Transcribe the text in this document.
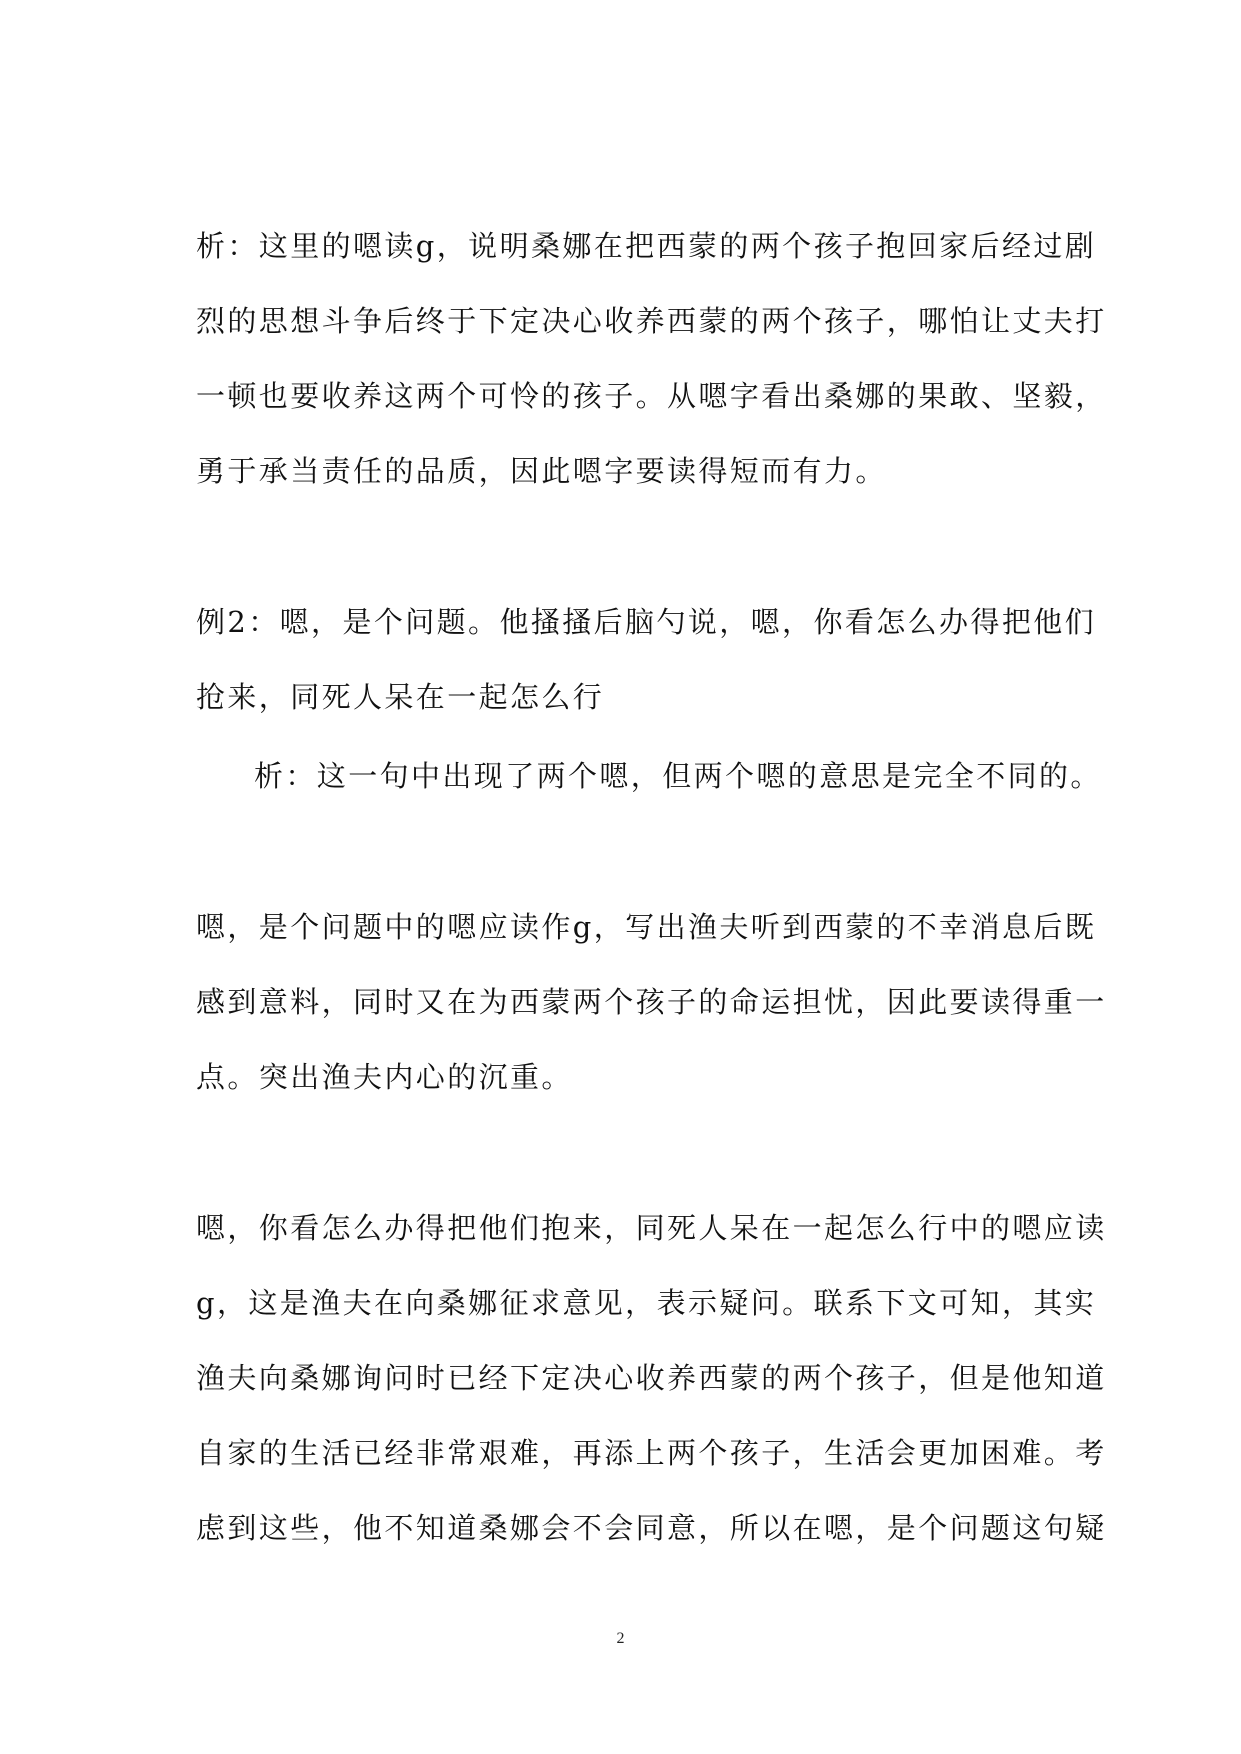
析：这里的嗯读g，说明桑娜在把西蒙的两个孩子抱回家后经过剧
烈的思想斗争后终于下定决心收养西蒙的两个孩子，哪怕让丈夫打
一顿也要收养这两个可怜的孩子。从嗯字看出桑娜的果敢、坚毅，
勇于承当责任的品质，因此嗯字要读得短而有力。
例2：嗯，是个问题。他搔搔后脑勺说，嗯，你看怎么办得把他们
抢来，同死人呆在一起怎么行
析：这一句中出现了两个嗯，但两个嗯的意思是完全不同的。
嗯，是个问题中的嗯应读作g，写出渔夫听到西蒙的不幸消息后既
感到意料，同时又在为西蒙两个孩子的命运担忧，因此要读得重一
点。突出渔夫内心的沉重。
嗯，你看怎么办得把他们抱来，同死人呆在一起怎么行中的嗯应读
g，这是渔夫在向桑娜征求意见，表示疑问。联系下文可知，其实
渔夫向桑娜询问时已经下定决心收养西蒙的两个孩子，但是他知道
自家的生活已经非常艰难，再添上两个孩子，生活会更加困难。考
虑到这些，他不知道桑娜会不会同意，所以在嗯，是个问题这句疑
2
